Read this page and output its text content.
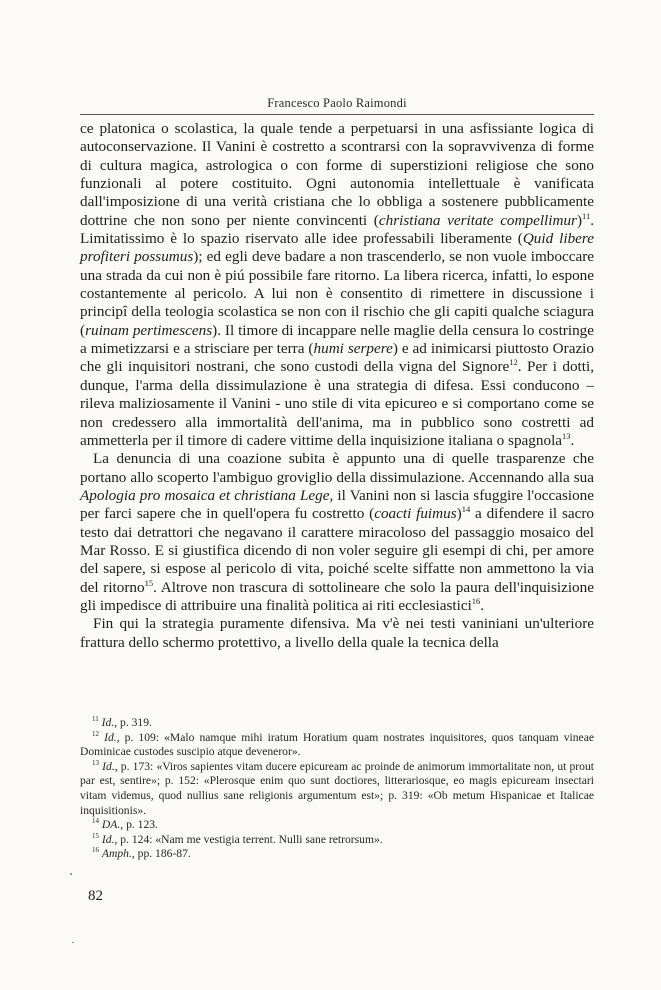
Francesco Paolo Raimondi

ce platonica o scolastica, la quale tende a perpetuarsi in una asfissiante logica di autoconservazione. Il Vanini è costretto a scontrarsi con la sopravvivenza di forme di cultura magica, astrologica o con forme di superstizioni religiose che sono funzionali al potere costituito. Ogni autonomia intellettuale è vanificata dall'imposizione di una verità cristiana che lo obbliga a sostenere pubblicamente dottrine che non sono per niente convincenti (christiana veritate compellimur)$^{11}$. Limitatissimo è lo spazio riservato alle idee professabili liberamente (Quid libere profiteri possumus); ed egli deve badare a non trascenderlo, se non vuole imboccare una strada da cui non è piú possibile fare ritorno. La libera ricerca, infatti, lo espone costantemente al pericolo. A lui non è consentito di rimettere in discussione i principî della teologia scolastica se non con il rischio che gli capiti qualche sciagura (ruinam pertimescens). Il timore di incappare nelle maglie della censura lo costringe a mimetizzarsi e a strisciare per terra (humi serpere) e ad inimicarsi piuttosto Orazio che gli inquisitori nostrani, che sono custodi della vigna del Signore$^{12}$. Per i dotti, dunque, l'arma della dissimulazione è una strategia di difesa. Essi conducono – rileva maliziosamente il Vanini - uno stile di vita epicureo e si comportano come se non credessero alla immortalità dell'anima, ma in pubblico sono costretti ad ammetterla per il timore di cadere vittime della inquisizione italiana o spagnola$^{13}$.

La denuncia di una coazione subita è appunto una di quelle trasparenze che portano allo scoperto l'ambiguo groviglio della dissimulazione. Accennando alla sua Apologia pro mosaica et christiana Lege, il Vanini non si lascia sfuggire l'occasione per farci sapere che in quell'opera fu costretto (coacti fuimus)$^{14}$ a difendere il sacro testo dai detrattori che negavano il carattere miracoloso del passaggio mosaico del Mar Rosso. E si giustifica dicendo di non voler seguire gli esempi di chi, per amore del sapere, si espose al pericolo di vita, poiché scelte siffatte non ammettono la via del ritorno$^{15}$. Altrove non trascura di sottolineare che solo la paura dell'inquisizione gli impedisce di attribuire una finalità politica ai riti ecclesiastici$^{16}$.

Fin qui la strategia puramente difensiva. Ma v'è nei testi vaniniani un'ulteriore frattura dello schermo protettivo, a livello della quale la tecnica della

$^{11}$ Id., p. 319.

$^{12}$ Id., p. 109: «Malo namque mihi iratum Horatium quam nostrates inquisitores, quos tanquam vineae Dominicae custodes suscipio atque deveneror».

$^{13}$ Id., p. 173: «Viros sapientes vitam ducere epicuream ac proinde de animorum immortalitate non, ut prout par est, sentire»; p. 152: «Plerosque enim quo sunt doctiores, litterariosque, eo magis epicuream insectari vitam videmus, quod nullius sane religionis argumentum est»; p. 319: «Ob metum Hispanicae et Italicae inquisitionis».

$^{14}$ DA., p. 123.

$^{15}$ Id., p. 124: «Nam me vestigia terrent. Nulli sane retrorsum».

$^{16}$ Amph., pp. 186-87.

82
